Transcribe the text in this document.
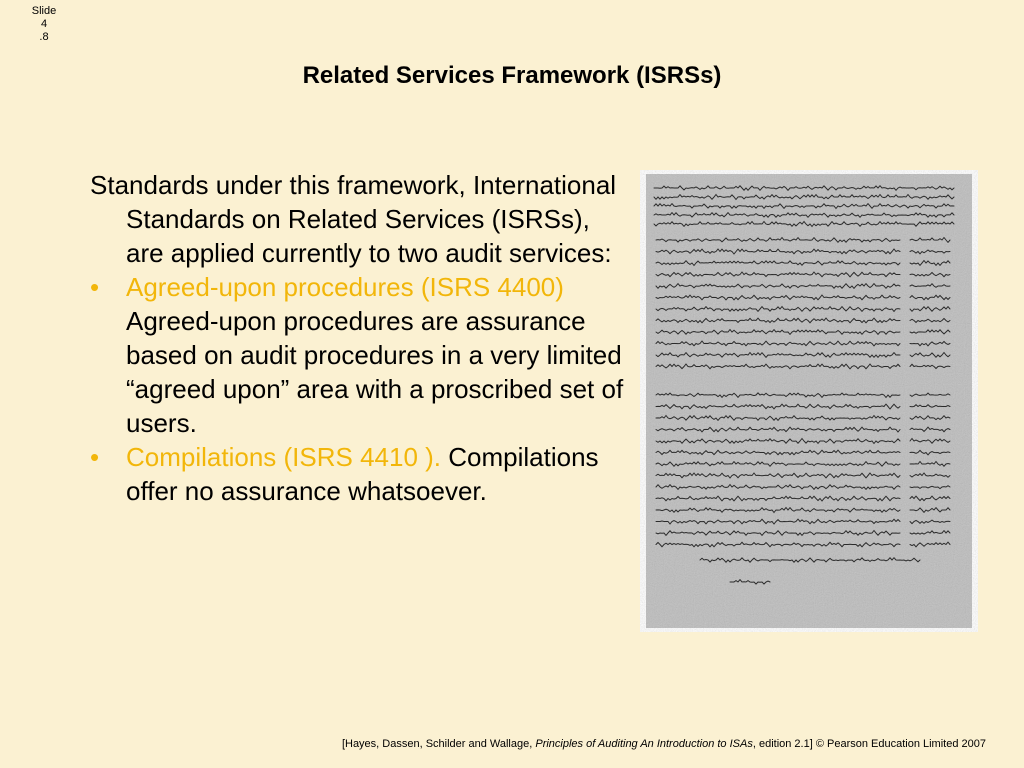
Slide 4
.8
Related Services Framework (ISRSs)
Standards under this framework, International Standards on Related Services (ISRSs), are applied currently to two audit services:
•	Agreed-upon procedures (ISRS 4400) Agreed-upon procedures are assurance based on audit procedures in a very limited “agreed upon” area with a proscribed set of users.
•	Compilations (ISRS 4410 ). Compilations offer no assurance whatsoever.
[Hayes, Dassen, Schilder and Wallage, Principles of Auditing An Introduction to ISAs, edition 2.1] © Pearson Education Limited 2007
